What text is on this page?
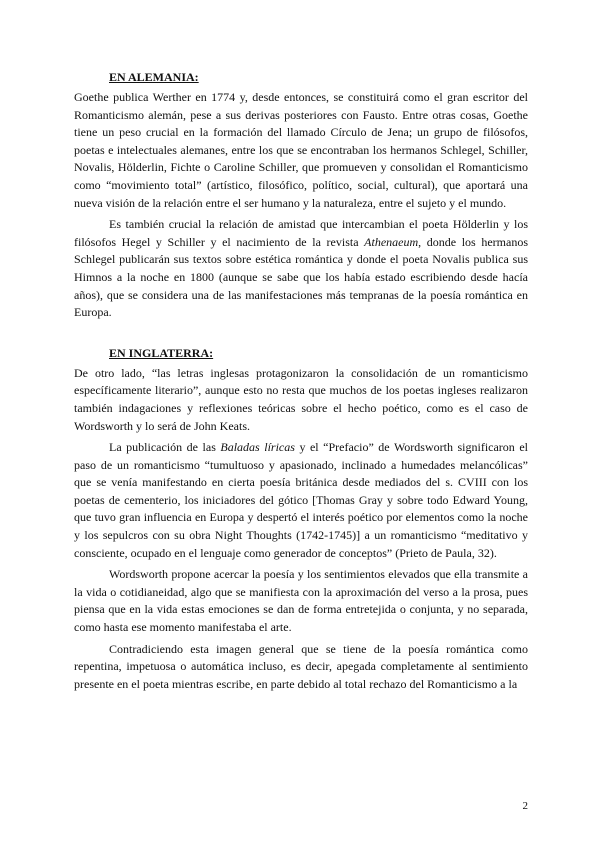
EN ALEMANIA:

Goethe publica Werther en 1774 y, desde entonces, se constituirá como el gran escritor del Romanticismo alemán, pese a sus derivas posteriores con Fausto. Entre otras cosas, Goethe tiene un peso crucial en la formación del llamado Círculo de Jena; un grupo de filósofos, poetas e intelectuales alemanes, entre los que se encontraban los hermanos Schlegel, Schiller, Novalis, Hölderlin, Fichte o Caroline Schiller, que promueven y consolidan el Romanticismo como “movimiento total” (artístico, filosófico, político, social, cultural), que aportará una nueva visión de la relación entre el ser humano y la naturaleza, entre el sujeto y el mundo.

Es también crucial la relación de amistad que intercambian el poeta Hölderlin y los filósofos Hegel y Schiller y el nacimiento de la revista Athenaeum, donde los hermanos Schlegel publicarán sus textos sobre estética romántica y donde el poeta Novalis publica sus Himnos a la noche en 1800 (aunque se sabe que los había estado escribiendo desde hacía años), que se considera una de las manifestaciones más tempranas de la poesía romántica en Europa.

EN INGLATERRA:

De otro lado, “las letras inglesas protagonizaron la consolidación de un romanticismo específicamente literario”, aunque esto no resta que muchos de los poetas ingleses realizaron también indagaciones y reflexiones teóricas sobre el hecho poético, como es el caso de Wordsworth y lo será de John Keats.

La publicación de las Baladas líricas y el “Prefacio” de Wordsworth significaron el paso de un romanticismo “tumultuoso y apasionado, inclinado a humedades melancólicas” que se venía manifestando en cierta poesía británica desde mediados del s. CVIII con los poetas de cementerio, los iniciadores del gótico [Thomas Gray y sobre todo Edward Young, que tuvo gran influencia en Europa y despertó el interés poético por elementos como la noche y los sepulcros con su obra Night Thoughts (1742-1745)] a un romanticismo “meditativo y consciente, ocupado en el lenguaje como generador de conceptos” (Prieto de Paula, 32).

Wordsworth propone acercar la poesía y los sentimientos elevados que ella transmite a la vida o cotidianeidad, algo que se manifiesta con la aproximación del verso a la prosa, pues piensa que en la vida estas emociones se dan de forma entretejida o conjunta, y no separada, como hasta ese momento manifestaba el arte.

Contradiciendo esta imagen general que se tiene de la poesía romántica como repentina, impetuosa o automática incluso, es decir, apegada completamente al sentimiento presente en el poeta mientras escribe, en parte debido al total rechazo del Romanticismo a la

2
